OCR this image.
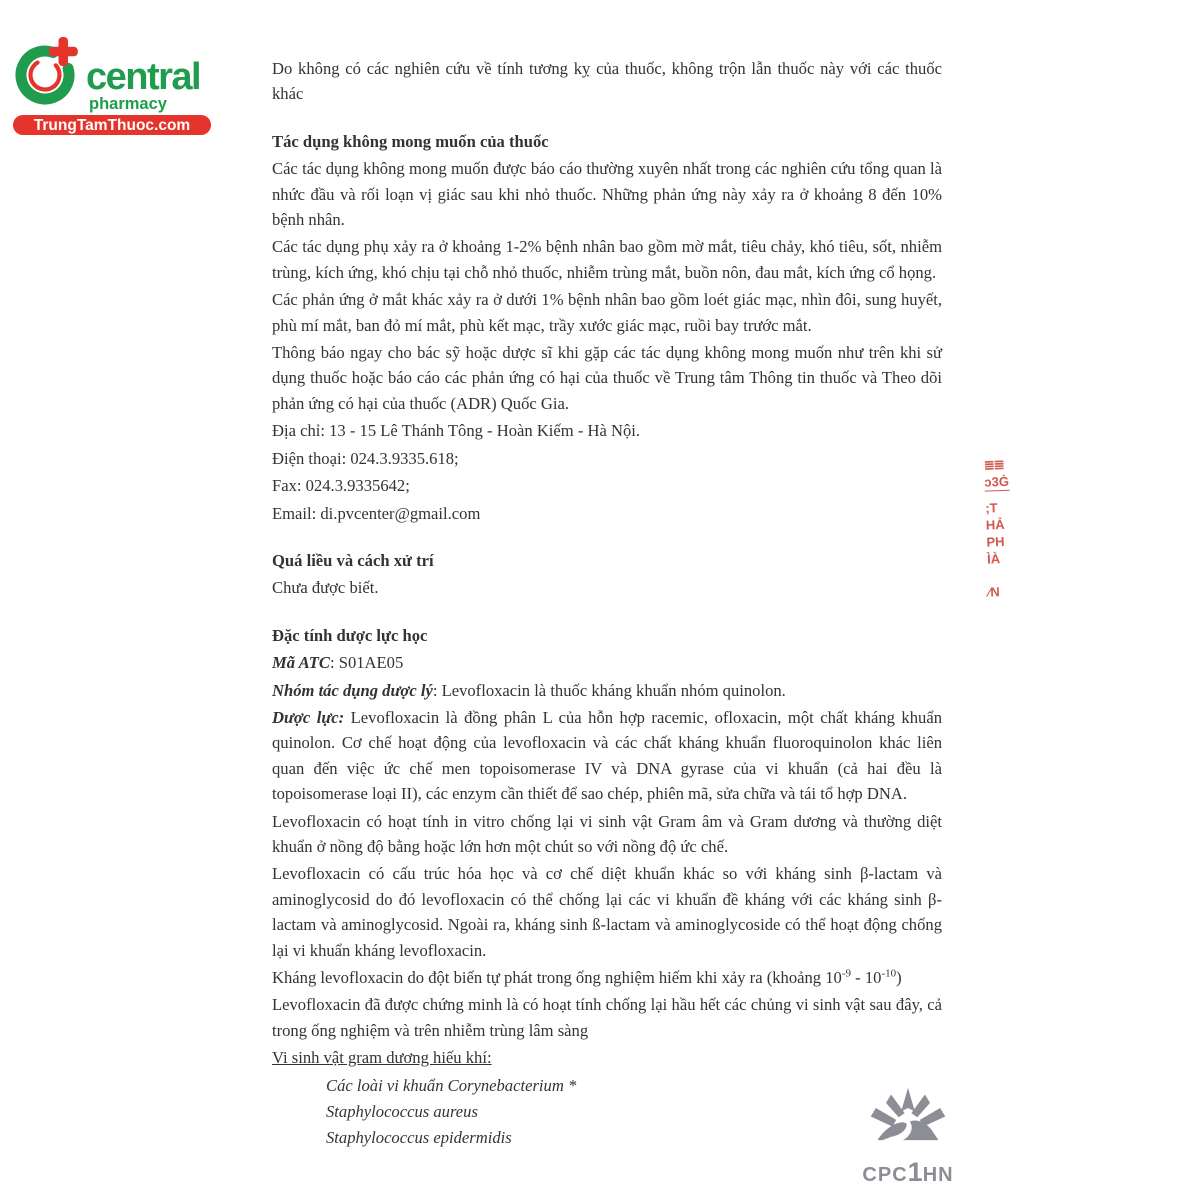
central
pharmacy
TrungTamThuoc.com

Do không có các nghiên cứu về tính tương kỵ của thuốc, không trộn lẫn thuốc này với các thuốc khác

Tác dụng không mong muốn của thuốc

Các tác dụng không mong muốn được báo cáo thường xuyên nhất trong các nghiên cứu tổng quan là nhức đầu và rối loạn vị giác sau khi nhỏ thuốc. Những phản ứng này xảy ra ở khoảng 8 đến 10% bệnh nhân.

Các tác dụng phụ xảy ra ở khoảng 1-2% bệnh nhân bao gồm mờ mắt, tiêu chảy, khó tiêu, sốt, nhiễm trùng, kích ứng, khó chịu tại chỗ nhỏ thuốc, nhiễm trùng mắt, buồn nôn, đau mắt, kích ứng cổ họng.

Các phản ứng ở mắt khác xảy ra ở dưới 1% bệnh nhân bao gồm loét giác mạc, nhìn đôi, sung huyết, phù mí mắt, ban đỏ mí mắt, phù kết mạc, trầy xước giác mạc, ruồi bay trước mắt.

Thông báo ngay cho bác sỹ hoặc dược sĩ khi gặp các tác dụng không mong muốn như trên khi sử dụng thuốc hoặc báo cáo các phản ứng có hại của thuốc về Trung tâm Thông tin thuốc và Theo dõi phản ứng có hại của thuốc (ADR) Quốc Gia.

Địa chỉ: 13 - 15 Lê Thánh Tông - Hoàn Kiếm - Hà Nội.

Điện thoại: 024.3.9335.618;

Fax: 024.3.9335642;

Email: di.pvcenter@gmail.com

Quá liều và cách xử trí

Chưa được biết.

Đặc tính dược lực học

Mã ATC: S01AE05

Nhóm tác dụng dược lý: Levofloxacin là thuốc kháng khuẩn nhóm quinolon.

Dược lực: Levofloxacin là đồng phân L của hỗn hợp racemic, ofloxacin, một chất kháng khuẩn quinolon. Cơ chế hoạt động của levofloxacin và các chất kháng khuẩn fluoroquinolon khác liên quan đến việc ức chế men topoisomerase IV và DNA gyrase của vi khuẩn (cả hai đều là topoisomerase loại II), các enzym cần thiết để sao chép, phiên mã, sửa chữa và tái tổ hợp DNA.

Levofloxacin có hoạt tính in vitro chống lại vi sinh vật Gram âm và Gram dương và thường diệt khuẩn ở nồng độ bằng hoặc lớn hơn một chút so với nồng độ ức chế.

Levofloxacin có cấu trúc hóa học và cơ chế diệt khuẩn khác so với kháng sinh β-lactam và aminoglycosid do đó levofloxacin có thể chống lại các vi khuẩn đề kháng với các kháng sinh β-lactam và aminoglycosid. Ngoài ra, kháng sinh ß-lactam và aminoglycoside có thể hoạt động chống lại vi khuẩn kháng levofloxacin.

Kháng levofloxacin do đột biến tự phát trong ống nghiệm hiếm khi xảy ra (khoảng $10^{-9} - 10^{-10}$)

Levofloxacin đã được chứng minh là có hoạt tính chống lại hầu hết các chủng vi sinh vật sau đây, cả trong ống nghiệm và trên nhiễm trùng lâm sàng

Vi sinh vật gram dương hiếu khí:

Các loài vi khuẩn Corynebacterium *

Staphylococcus aureus

Staphylococcus epidermidis

≣≣
ɔ3Ġ
;T
HẢ
PH
ÌÀ
⁄N
CPC 1 HN
